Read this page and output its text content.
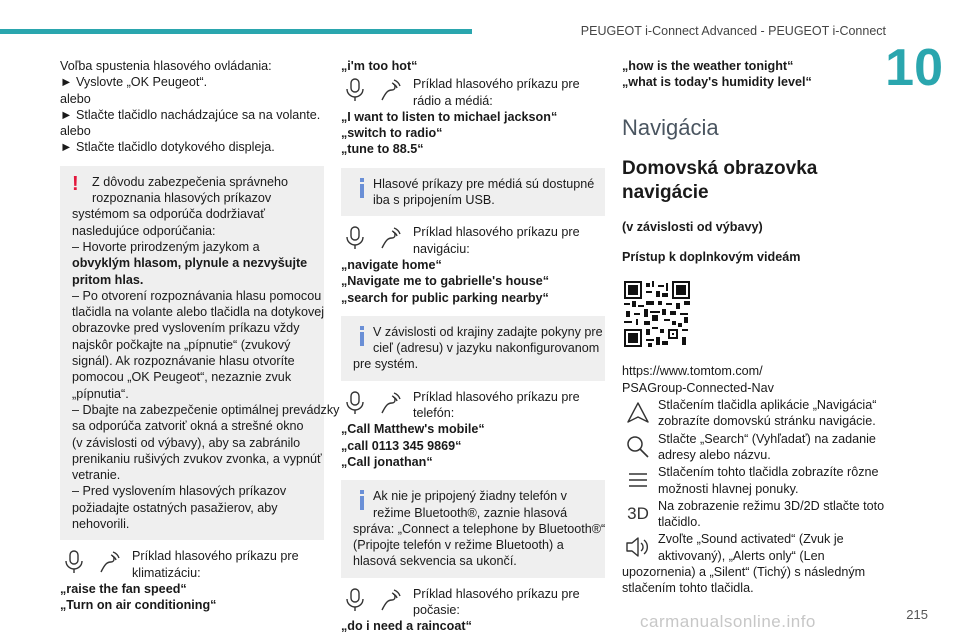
PEUGEOT i-Connect Advanced - PEUGEOT i-Connect
10
Voľba spustenia hlasového ovládania:
► Vyslovte „OK Peugeot“.
alebo
► Stlačte tlačidlo nachádzajúce sa na volante.
alebo
► Stlačte tlačidlo dotykového displeja.
!	Z dôvodu zabezpečenia správneho
rozpoznania hlasových príkazov
systémom sa odporúča dodržiavať
nasledujúce odporúčania:
– Hovorte prirodzeným jazykom a
obvyklým hlasom, plynule a nezvyšujte
pritom hlas.
– Po otvorení rozpoznávania hlasu pomocou
tlačidla na volante alebo tlačidla na dotykovej
obrazovke pred vyslovením príkazu vždy
najskôr počkajte na „pípnutie“ (zvukový
signál). Ak rozpoznávanie hlasu otvoríte
pomocou „OK Peugeot“, nezaznie zvuk
„pípnutia“.
– Dbajte na zabezpečenie optimálnej prevádzky
sa odporúča zatvoriť okná a strešné okno
(v závislosti od výbavy), aby sa zabránilo
prenikaniu rušivých zvukov zvonka, a vypnúť
vetranie.
– Pred vyslovením hlasových príkazov
požiadajte ostatných pasažierov, aby
nehovorili.
Príklad hlasového príkazu pre
klimatizáciu:
„raise the fan speed“
„Turn on air conditioning“
„i'm too hot“
Príklad hlasového príkazu pre
rádio a médiá:
„I want to listen to michael jackson“
„switch to radio“
„tune to 88.5“
Hlasové príkazy pre médiá sú dostupné
iba s pripojením USB.
Príklad hlasového príkazu pre
navigáciu:
„navigate home“
„Navigate me to gabrielle's house“
„search for public parking nearby“
V závislosti od krajiny zadajte pokyny pre
cieľ (adresu) v jazyku nakonfigurovanom
pre systém.
Príklad hlasového príkazu pre
telefón:
„Call Matthew's mobile“
„call 0113 345 9869“
„Call jonathan“
Ak nie je pripojený žiadny telefón v
režime Bluetooth®, zaznie hlasová
správa: „Connect a telephone by Bluetooth®“
(Pripojte telefón v režime Bluetooth) a
hlasová sekvencia sa ukončí.
Príklad hlasového príkazu pre
počasie:
„do i need a raincoat“
„how is the weather tonight“
„what is today's humidity level“
Navigácia
Domovská obrazovka
navigácie
(v závislosti od výbavy)
Prístup k doplnkovým videám
https://www.tomtom.com/
PSAGroup-Connected-Nav
Stlačením tlačidla aplikácie „Navigácia“
zobrazíte domovskú stránku navigácie.
Stlačte „Search“ (Vyhľadať) na zadanie
adresy alebo názvu.
Stlačením tohto tlačidla zobrazíte rôzne
možnosti hlavnej ponuky.
3D Na zobrazenie režimu 3D/2D stlačte toto
tlačidlo.
Zvoľte „Sound activated“ (Zvuk je
aktivovaný), „Alerts only“ (Len
upozornenia) a „Silent“ (Tichý) s následným
stlačením tohto tlačidla.
215
carmanualsonline.info
